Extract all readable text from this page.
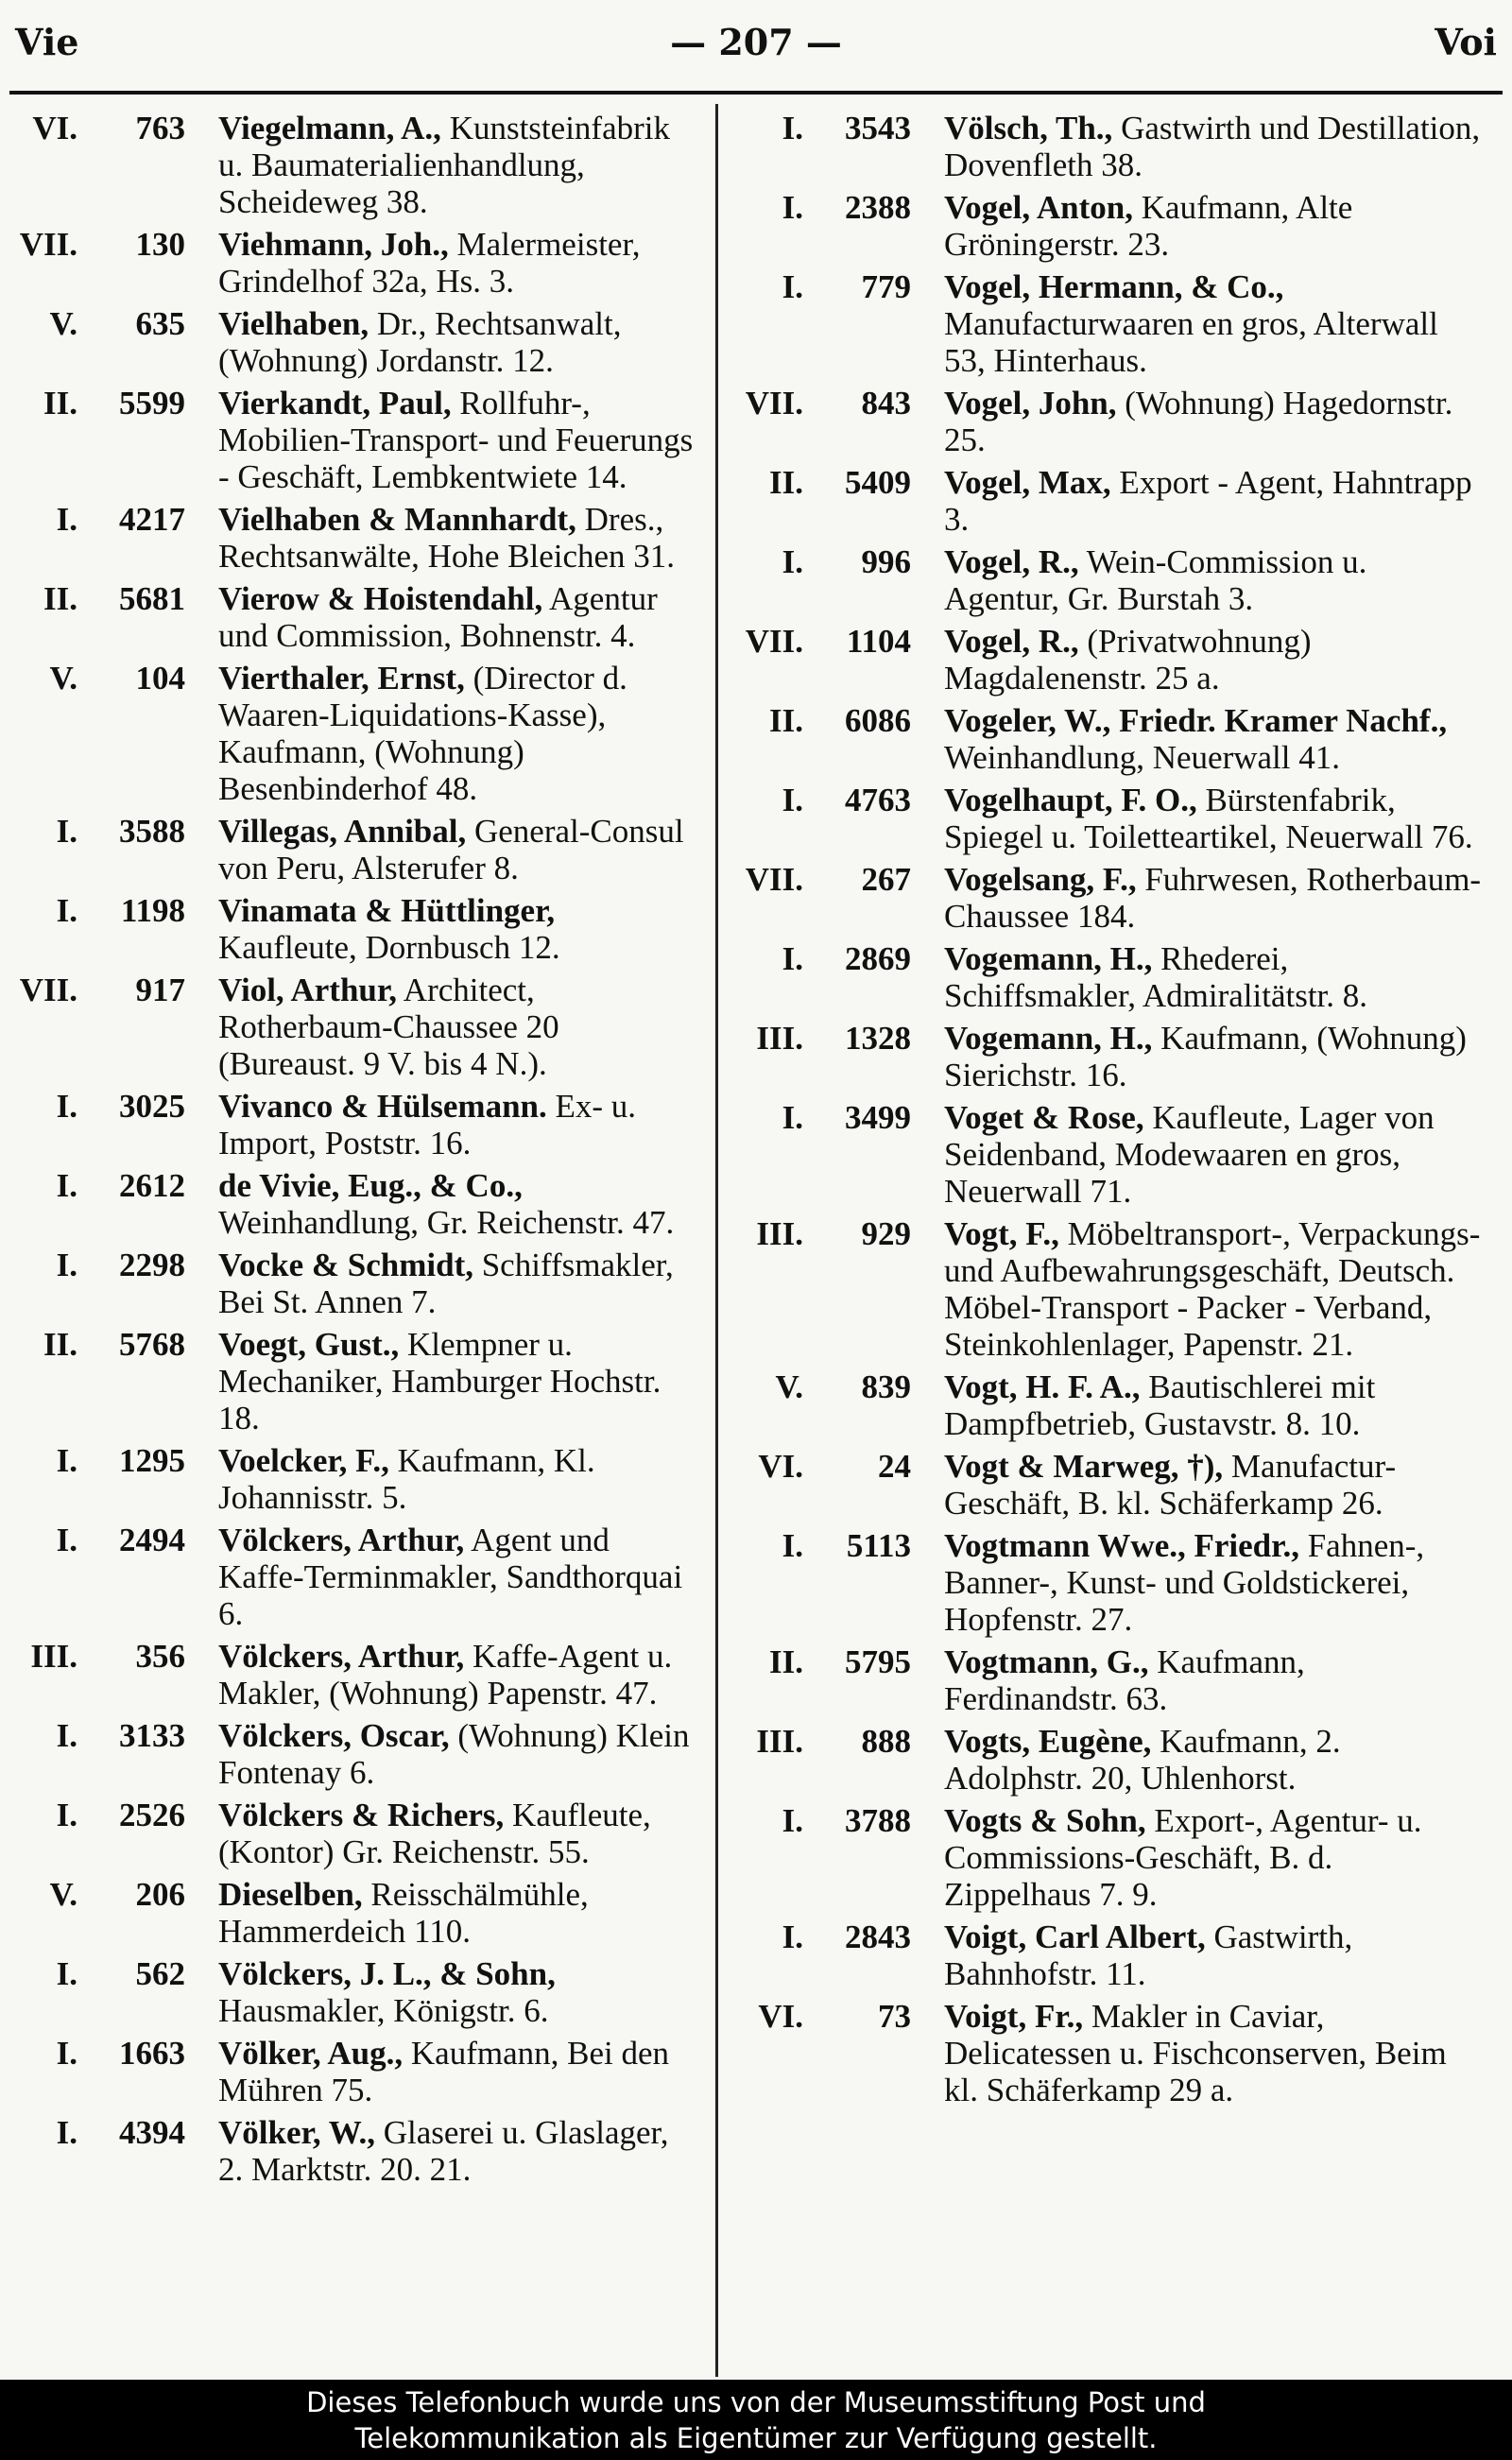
Vie	— 207 —	Voi
VI. 763	Viegelmann, A., Kunststeinfabrik u. Baumaterialienhandlung, Scheideweg 38.
VII. 130	Viehmann, Joh., Malermeister, Grindelhof 32a, Hs. 3.
V. 635	Vielhaben, Dr., Rechtsanwalt, (Wohnung) Jordanstr. 12.
II. 5599	Vierkandt, Paul, Rollfuhr-, Mobilien-Transport- und Feuerungs - Geschäft, Lembkentwiete 14.
I. 4217	Vielhaben & Mannhardt, Dres., Rechtsanwälte, Hohe Bleichen 31.
II. 5681	Vierow & Hoistendahl, Agentur und Commission, Bohnenstr. 4.
V. 104	Vierthaler, Ernst, (Director d. Waaren-Liquidations-Kasse), Kaufmann, (Wohnung) Besenbinderhof 48.
I. 3588	Villegas, Annibal, General-Consul von Peru, Alsterufer 8.
I. 1198	Vinamata & Hüttlinger, Kaufleute, Dornbusch 12.
VII. 917	Viol, Arthur, Architect, Rotherbaum-Chaussee 20 (Bureaust. 9 V. bis 4 N.).
I. 3025	Vivanco & Hülsemann. Ex- u. Import, Poststr. 16.
I. 2612	de Vivie, Eug., & Co., Weinhandlung, Gr. Reichenstr. 47.
I. 2298	Vocke & Schmidt, Schiffsmakler, Bei St. Annen 7.
II. 5768	Voegt, Gust., Klempner u. Mechaniker, Hamburger Hochstr. 18.
I. 1295	Voelcker, F., Kaufmann, Kl. Johannisstr. 5.
I. 2494	Völckers, Arthur, Agent und Kaffe-Terminmakler, Sandthorquai 6.
III. 356	Völckers, Arthur, Kaffe-Agent u. Makler, (Wohnung) Papenstr. 47.
I. 3133	Völckers, Oscar, (Wohnung) Klein Fontenay 6.
I. 2526	Völckers & Richers, Kaufleute, (Kontor) Gr. Reichenstr. 55.
V. 206	Dieselben, Reisschälmühle, Hammerdeich 110.
I. 562	Völckers, J. L., & Sohn, Hausmakler, Königstr. 6.
I. 1663	Völker, Aug., Kaufmann, Bei den Mühren 75.
I. 4394	Völker, W., Glaserei u. Glaslager, 2. Marktstr. 20. 21.
I. 3543	Völsch, Th., Gastwirth und Destillation, Dovenfleth 38.
I. 2388	Vogel, Anton, Kaufmann, Alte Gröningerstr. 23.
I. 779	Vogel, Hermann, & Co., Manufacturwaaren en gros, Alterwall 53, Hinterhaus.
VII. 843	Vogel, John, (Wohnung) Hagedornstr. 25.
II. 5409	Vogel, Max, Export - Agent, Hahntrapp 3.
I. 996	Vogel, R., Wein-Commission u. Agentur, Gr. Burstah 3.
VII. 1104	Vogel, R., (Privatwohnung) Magdalenenstr. 25 a.
II. 6086	Vogeler, W., Friedr. Kramer Nachf., Weinhandlung, Neuerwall 41.
I. 4763	Vogelhaupt, F. O., Bürstenfabrik, Spiegel u. Toiletteartikel, Neuerwall 76.
VII. 267	Vogelsang, F., Fuhrwesen, Rotherbaum-Chaussee 184.
I. 2869	Vogemann, H., Rhederei, Schiffsmakler, Admiralitätstr. 8.
III. 1328	Vogemann, H., Kaufmann, (Wohnung) Sierichstr. 16.
I. 3499	Voget & Rose, Kaufleute, Lager von Seidenband, Modewaaren en gros, Neuerwall 71.
III. 929	Vogt, F., Möbeltransport-, Verpackungs- und Aufbewahrungsgeschäft, Deutsch. Möbel-Transport - Packer - Verband, Steinkohlenlager, Papenstr. 21.
V. 839	Vogt, H. F. A., Bautischlerei mit Dampfbetrieb, Gustavstr. 8. 10.
VI. 24	Vogt & Marweg, †), Manufactur-Geschäft, B. kl. Schäferkamp 26.
I. 5113	Vogtmann Wwe., Friedr., Fahnen-, Banner-, Kunst- und Goldstickerei, Hopfenstr. 27.
II. 5795	Vogtmann, G., Kaufmann, Ferdinandstr. 63.
III. 888	Vogts, Eugène, Kaufmann, 2. Adolphstr. 20, Uhlenhorst.
I. 3788	Vogts & Sohn, Export-, Agentur- u. Commissions-Geschäft, B. d. Zippelhaus 7. 9.
I. 2843	Voigt, Carl Albert, Gastwirth, Bahnhofstr. 11.
VI. 73	Voigt, Fr., Makler in Caviar, Delicatessen u. Fischconserven, Beim kl. Schäferkamp 29 a.
Dieses Telefonbuch wurde uns von der Museumsstiftung Post und
Telekommunikation als Eigentümer zur Verfügung gestellt.
